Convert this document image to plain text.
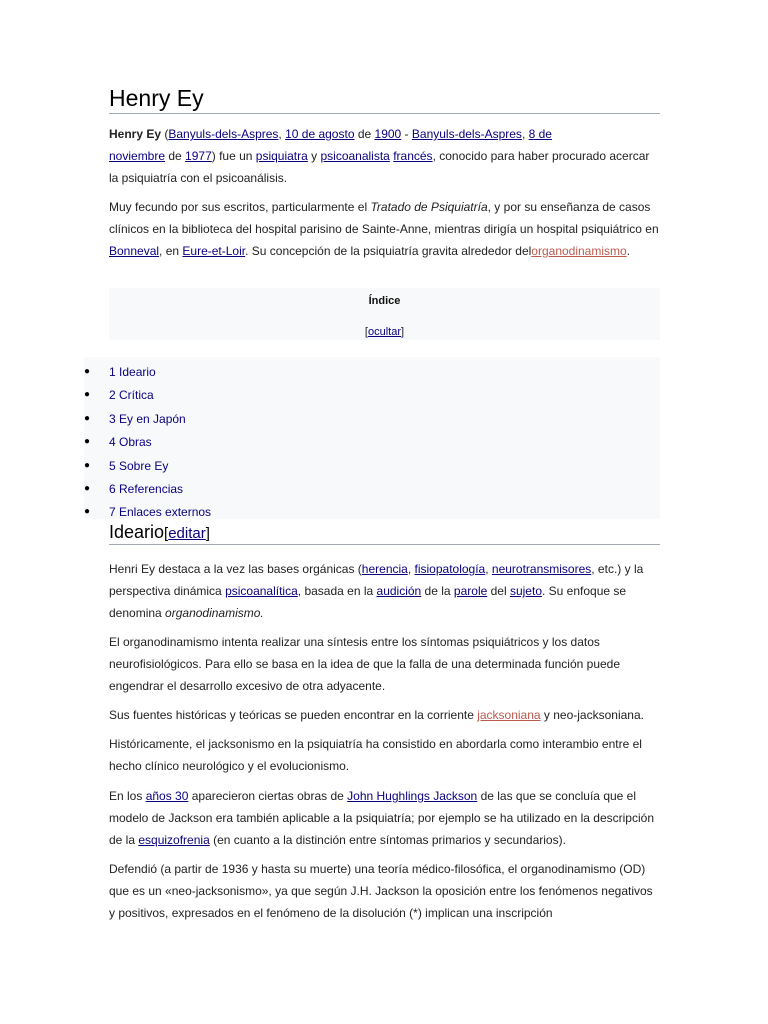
Henry Ey

Henry Ey (Banyuls-dels-Aspres, 10 de agosto de 1900 - Banyuls-dels-Aspres, 8 de
noviembre de 1977) fue un psiquiatra y psicoanalista francés, conocido para haber procurado acercar la psiquiatría con el psicoanálisis.

Muy fecundo por sus escritos, particularmente el Tratado de Psiquiatría, y por su enseñanza de casos clínicos en la biblioteca del hospital parisino de Sainte-Anne, mientras dirigía un hospital psiquiátrico en Bonneval, en Eure-et-Loir. Su concepción de la psiquiatría gravita alrededor delorganodinamismo.

Índice
[ocultar]
● 1 Ideario
● 2 Crítica
● 3 Ey en Japón
● 4 Obras
● 5 Sobre Ey
● 6 Referencias
● 7 Enlaces externos
Ideario[editar]

Henri Ey destaca a la vez las bases orgánicas (herencia, fisiopatología, neurotransmisores, etc.) y la perspectiva dinámica psicoanalítica, basada en la audición de la parole del sujeto. Su enfoque se denomina organodinamismo.

El organodinamismo intenta realizar una síntesis entre los síntomas psiquiátricos y los datos neurofisiológicos. Para ello se basa en la idea de que la falla de una determinada función puede engendrar el desarrollo excesivo de otra adyacente.

Sus fuentes históricas y teóricas se pueden encontrar en la corriente jacksoniana y neo-jacksoniana.

Históricamente, el jacksonismo en la psiquiatría ha consistido en abordarla como interambio entre el hecho clínico neurológico y el evolucionismo.

En los años 30 aparecieron ciertas obras de John Hughlings Jackson de las que se concluía que el modelo de Jackson era también aplicable a la psiquiatría; por ejemplo se ha utilizado en la descripción de la esquizofrenia (en cuanto a la distinción entre síntomas primarios y secundarios).

Defendió (a partir de 1936 y hasta su muerte) una teoría médico-filosófica, el organodinamismo (OD) que es un «neo-jacksonismo», ya que según J.H. Jackson la oposición entre los fenómenos negativos y positivos, expresados en el fenómeno de la disolución (*) implican una inscripción
